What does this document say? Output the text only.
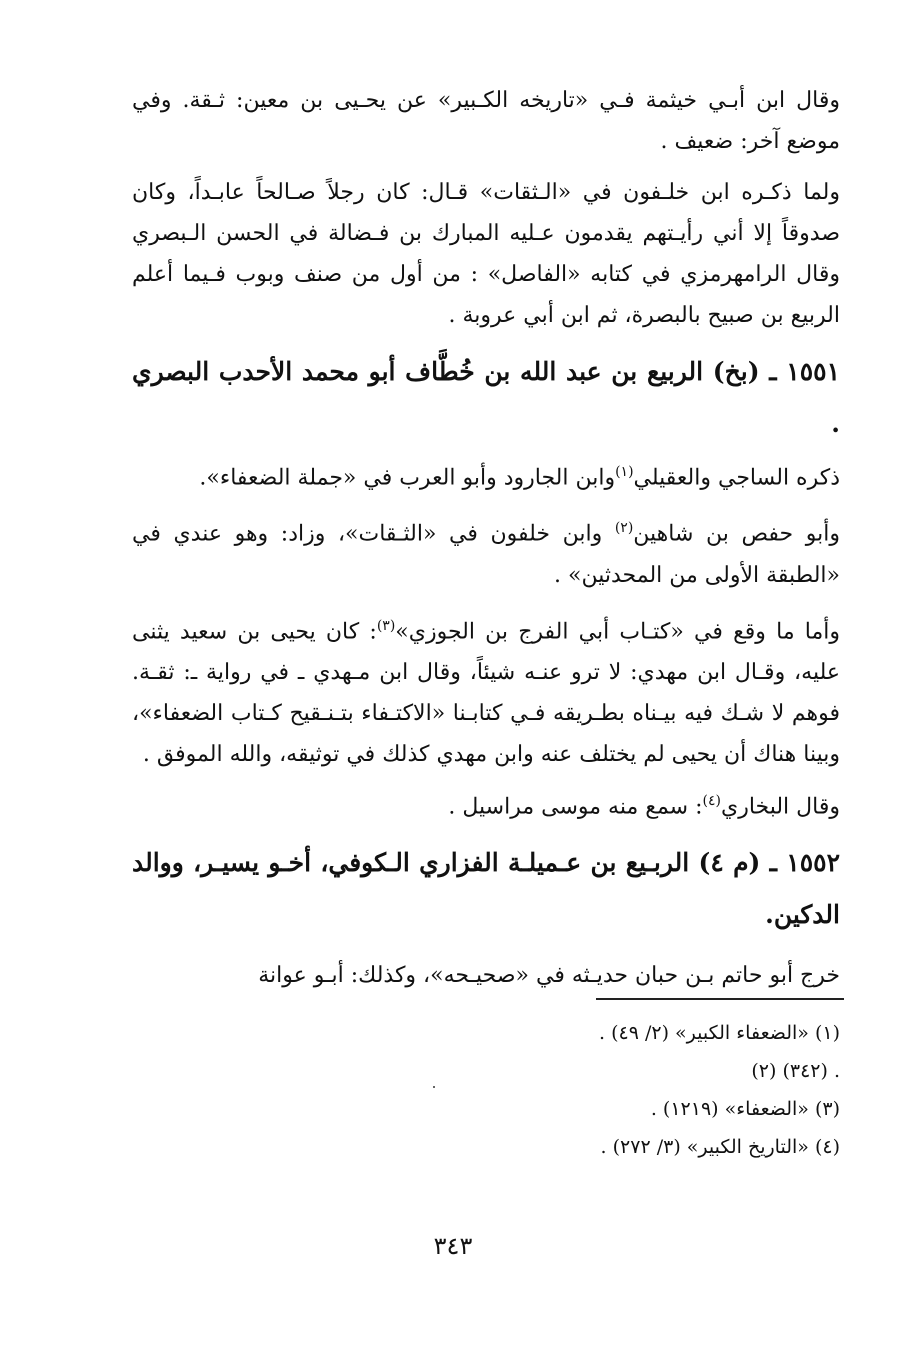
وقال ابن أبـي خيثمة فـي «تاريخه الكـبير» عن يحـيى بن معين: ثـقة. وفي موضع آخر: ضعيف .

ولما ذكـره ابن خلـفون في «الـثقات» قـال: كان رجلاً صـالحاً عابـداً، وكان صدوقاً إلا أني رأيـتهم يقدمون عـليه المبارك بن فـضالة في الحسن الـبصري وقال الرامهرمزي في كتابه «الفاصل» : من أول من صنف وبوب فـيما أعلم الربيع بن صبيح بالبصرة، ثم ابن أبي عروبة .

١٥٥١ ـ (بخ) الربيع بن عبد الله بن خُطَّاف أبو محمد الأحدب البصري .

ذكره الساجي والعقيلي$^{(١)}$وابن الجارود وأبو العرب في «جملة الضعفاء».

وأبو حفص بن شاهين$^{(٢)}$ وابن خلفون في «الثـقات»، وزاد: وهو عندي في «الطبقة الأولى من المحدثين» .

وأما ما وقع في «كتـاب أبي الفرج بن الجوزي»$^{(٣)}$: كان يحيى بن سعيد يثنى عليه، وقـال ابن مهدي: لا ترو عنـه شيئاً، وقال ابن مـهدي ـ في رواية ـ: ثقـة. فوهم لا شـك فيه بيـناه بطـريقه فـي كتابـنا «الاكتـفاء بتـنـقيح كـتاب الضعفاء»، وبينا هناك أن يحيى لم يختلف عنه وابن مهدي كذلك في توثيقه، والله الموفق .

وقال البخاري$^{(٤)}$: سمع منه موسى مراسيل .

١٥٥٢ ـ (م ٤) الربـيع بن عـميلـة الفزاري الـكوفي، أخـو يسيـر، ووالد الدكين.

خرج أبو حاتم بـن حبان حديـثه في «صحيـحه»، وكذلك: أبـو عوانة

(١) «الضعفاء الكبير» (٢/ ٤٩) .

. (٣٤٢) (٢)

(٣) «الضعفاء» (١٢١٩) .

(٤) «التاريخ الكبير» (٣/ ٢٧٢) .

٣٤٣
